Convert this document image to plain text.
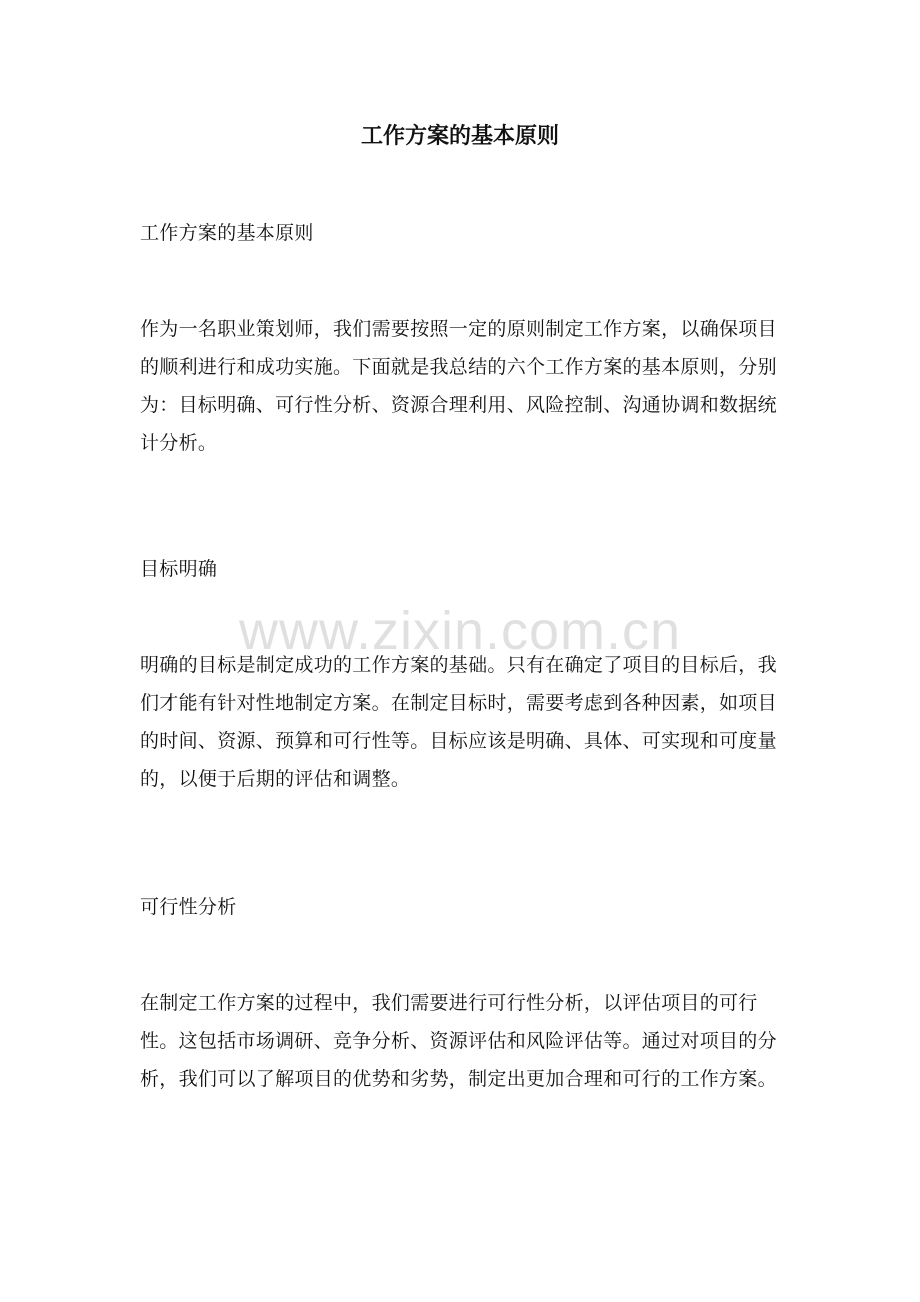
工作方案的基本原则

工作方案的基本原则

作为一名职业策划师，我们需要按照一定的原则制定工作方案，以确保项目的顺利进行和成功实施。下面就是我总结的六个工作方案的基本原则，分别为：目标明确、可行性分析、资源合理利用、风险控制、沟通协调和数据统计分析。

目标明确

明确的目标是制定成功的工作方案的基础。只有在确定了项目的目标后，我们才能有针对性地制定方案。在制定目标时，需要考虑到各种因素，如项目的时间、资源、预算和可行性等。目标应该是明确、具体、可实现和可度量的，以便于后期的评估和调整。

可行性分析

在制定工作方案的过程中，我们需要进行可行性分析，以评估项目的可行性。这包括市场调研、竞争分析、资源评估和风险评估等。通过对项目的分析，我们可以了解项目的优势和劣势，制定出更加合理和可行的工作方案。

www.zixin.com.cn
